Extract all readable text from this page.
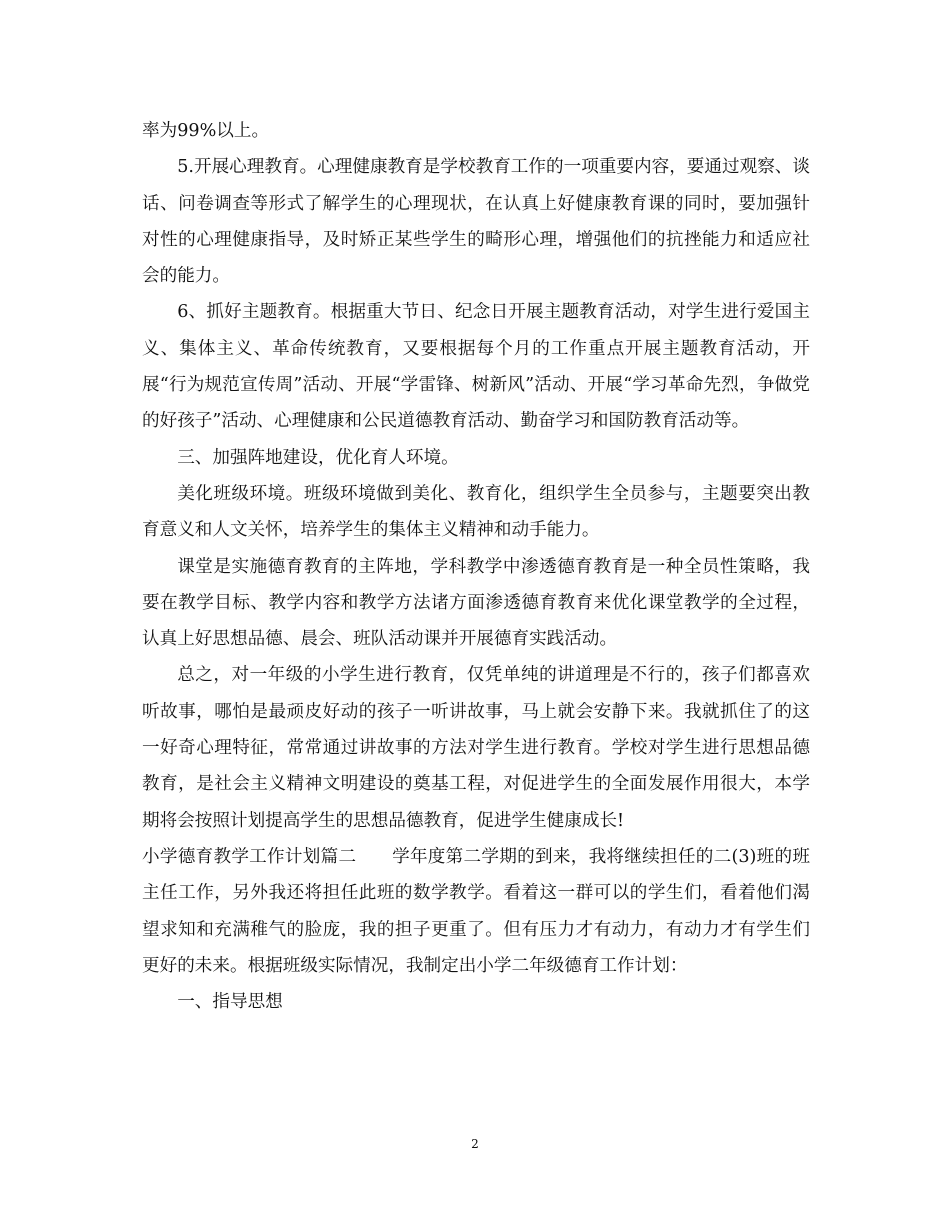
率为99%以上。

5.开展心理教育。心理健康教育是学校教育工作的一项重要内容，要通过观察、谈话、问卷调查等形式了解学生的心理现状，在认真上好健康教育课的同时，要加强针对性的心理健康指导，及时矫正某些学生的畸形心理，增强他们的抗挫能力和适应社会的能力。

6、抓好主题教育。根据重大节日、纪念日开展主题教育活动，对学生进行爱国主义、集体主义、革命传统教育，又要根据每个月的工作重点开展主题教育活动，开展“行为规范宣传周”活动、开展“学雷锋、树新风”活动、开展“学习革命先烈，争做党的好孩子”活动、心理健康和公民道德教育活动、勤奋学习和国防教育活动等。

三、加强阵地建设，优化育人环境。

美化班级环境。班级环境做到美化、教育化，组织学生全员参与，主题要突出教育意义和人文关怀，培养学生的集体主义精神和动手能力。

课堂是实施德育教育的主阵地，学科教学中渗透德育教育是一种全员性策略，我要在教学目标、教学内容和教学方法诸方面渗透德育教育来优化课堂教学的全过程，认真上好思想品德、晨会、班队活动课并开展德育实践活动。

总之，对一年级的小学生进行教育，仅凭单纯的讲道理是不行的，孩子们都喜欢听故事，哪怕是最顽皮好动的孩子一听讲故事，马上就会安静下来。我就抓住了的这一好奇心理特征，常常通过讲故事的方法对学生进行教育。学校对学生进行思想品德教育，是社会主义精神文明建设的奠基工程，对促进学生的全面发展作用很大，本学期将会按照计划提高学生的思想品德教育，促进学生健康成长!

小学德育教学工作计划篇二　　学年度第二学期的到来，我将继续担任的二(3)班的班主任工作，另外我还将担任此班的数学教学。看着这一群可以的学生们，看着他们渴望求知和充满稚气的脸庞，我的担子更重了。但有压力才有动力，有动力才有学生们更好的未来。根据班级实际情况，我制定出小学二年级德育工作计划：

一、指导思想

2
